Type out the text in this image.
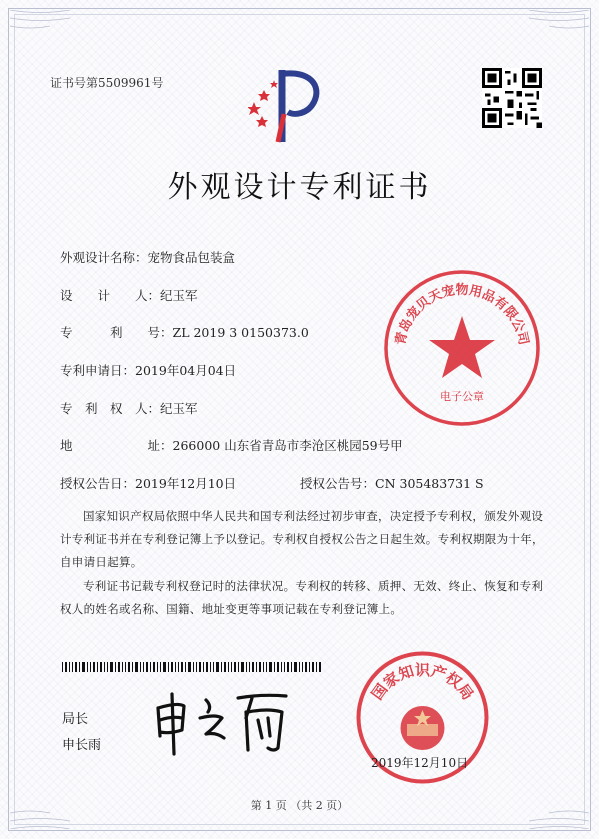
证书号第5509961号
外观设计专利证书
外观设计名称：宠物食品包装盒
设　　计　　人：纪玉军
专　　　利　　号：ZL 2019 3 0150373.0
专利申请日：2019年04月04日
专　利　权　人：纪玉军
地　　　　　　址：266000 山东省青岛市李沧区桃园59号甲
授权公告日：2019年12月10日	授权公告号：CN 305483731 S
国家知识产权局依照中华人民共和国专利法经过初步审查，决定授予专利权，颁发外观设计专利证书并在专利登记簿上予以登记。专利权自授权公告之日起生效。专利权期限为十年，自申请日起算。
专利证书记载专利权登记时的法律状况。专利权的转移、质押、无效、终止、恢复和专利权人的姓名或名称、国籍、地址变更等事项记载在专利登记簿上。
青岛宠贝天宠物用品有限公司
电子公章
局长
申长雨
国家知识产权局
2019年12月10日
第 1 页 （共 2 页）
